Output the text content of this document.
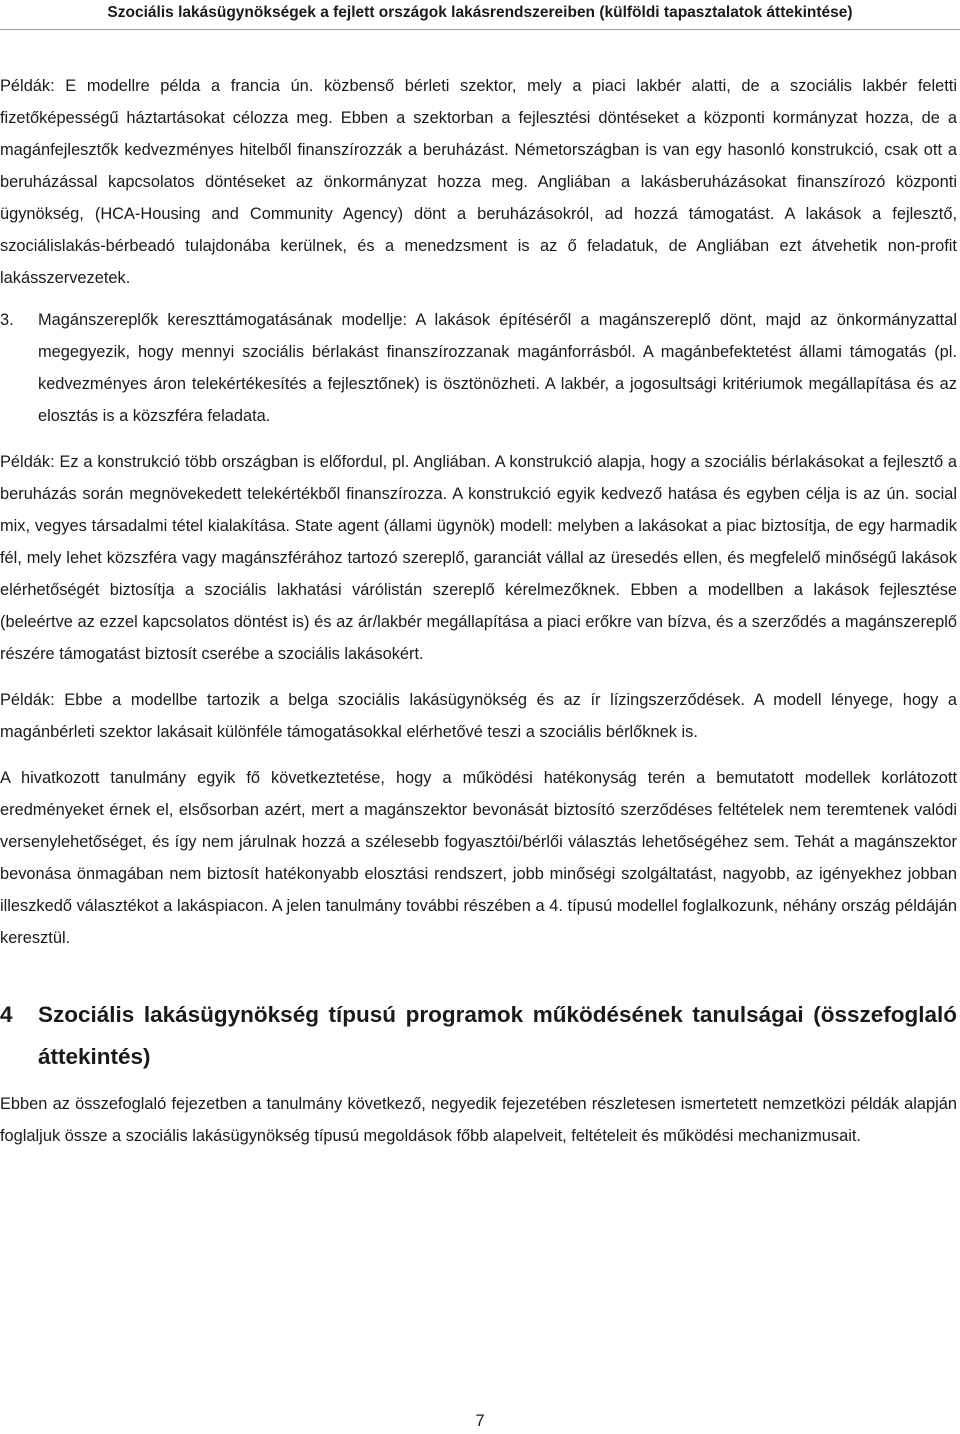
Szociális lakásügynökségek a fejlett országok lakásrendszereiben (külföldi tapasztalatok áttekintése)

Példák: E modellre példa a francia ún. közbenső bérleti szektor, mely a piaci lakbér alatti, de a szociális lakbér feletti fizetőképességű háztartásokat célozza meg. Ebben a szektorban a fejlesztési döntéseket a központi kormányzat hozza, de a magánfejlesztők kedvezményes hitelből finanszírozzák a beruházást. Németországban is van egy hasonló konstrukció, csak ott a beruházással kapcsolatos döntéseket az önkormányzat hozza meg. Angliában a lakásberuházásokat finanszírozó központi ügynökség, (HCA-Housing and Community Agency) dönt a beruházásokról, ad hozzá támogatást. A lakások a fejlesztő, szociálislakás-bérbeadó tulajdonába kerülnek, és a menedzsment is az ő feladatuk, de Angliában ezt átvehetik non-profit lakásszervezetek.

3.	Magánszereplők kereszttámogatásának modellje: A lakások építéséről a magánszereplő dönt, majd az önkormányzattal megegyezik, hogy mennyi szociális bérlakást finanszírozzanak magánforrásból. A magánbefektetést állami támogatás (pl. kedvezményes áron telekértékesítés a fejlesztőnek) is ösztönözheti. A lakbér, a jogosultsági kritériumok megállapítása és az elosztás is a közszféra feladata.

Példák: Ez a konstrukció több országban is előfordul, pl. Angliában. A konstrukció alapja, hogy a szociális bérlakásokat a fejlesztő a beruházás során megnövekedett telekértékből finanszírozza. A konstrukció egyik kedvező hatása és egyben célja is az ún. social mix, vegyes társadalmi tétel kialakítása. State agent (állami ügynök) modell: melyben a lakásokat a piac biztosítja, de egy harmadik fél, mely lehet közszféra vagy magánszférához tartozó szereplő, garanciát vállal az üresedés ellen, és megfelelő minőségű lakások elérhetőségét biztosítja a szociális lakhatási várólistán szereplő kérelmezőknek. Ebben a modellben a lakások fejlesztése (beleértve az ezzel kapcsolatos döntést is) és az ár/lakbér megállapítása a piaci erőkre van bízva, és a szerződés a magánszereplő részére támogatást biztosít cserébe a szociális lakásokért.

Példák: Ebbe a modellbe tartozik a belga szociális lakásügynökség és az ír lízingszerződések. A modell lényege, hogy a magánbérleti szektor lakásait különféle támogatásokkal elérhetővé teszi a szociális bérlőknek is.

A hivatkozott tanulmány egyik fő következtetése, hogy a működési hatékonyság terén a bemutatott modellek korlátozott eredményeket érnek el, elsősorban azért, mert a magánszektor bevonását biztosító szerződéses feltételek nem teremtenek valódi versenylehetőséget, és így nem járulnak hozzá a szélesebb fogyasztói/bérlői választás lehetőségéhez sem. Tehát a magánszektor bevonása önmagában nem biztosít hatékonyabb elosztási rendszert, jobb minőségi szolgáltatást, nagyobb, az igényekhez jobban illeszkedő választékot a lakáspiacon. A jelen tanulmány további részében a 4. típusú modellel foglalkozunk, néhány ország példáján keresztül.

4	Szociális lakásügynökség típusú programok működésének tanulságai (összefoglaló áttekintés)

Ebben az összefoglaló fejezetben a tanulmány következő, negyedik fejezetében részletesen ismertetett nemzetközi példák alapján foglaljuk össze a szociális lakásügynökség típusú megoldások főbb alapelveit, feltételeit és működési mechanizmusait.

7
